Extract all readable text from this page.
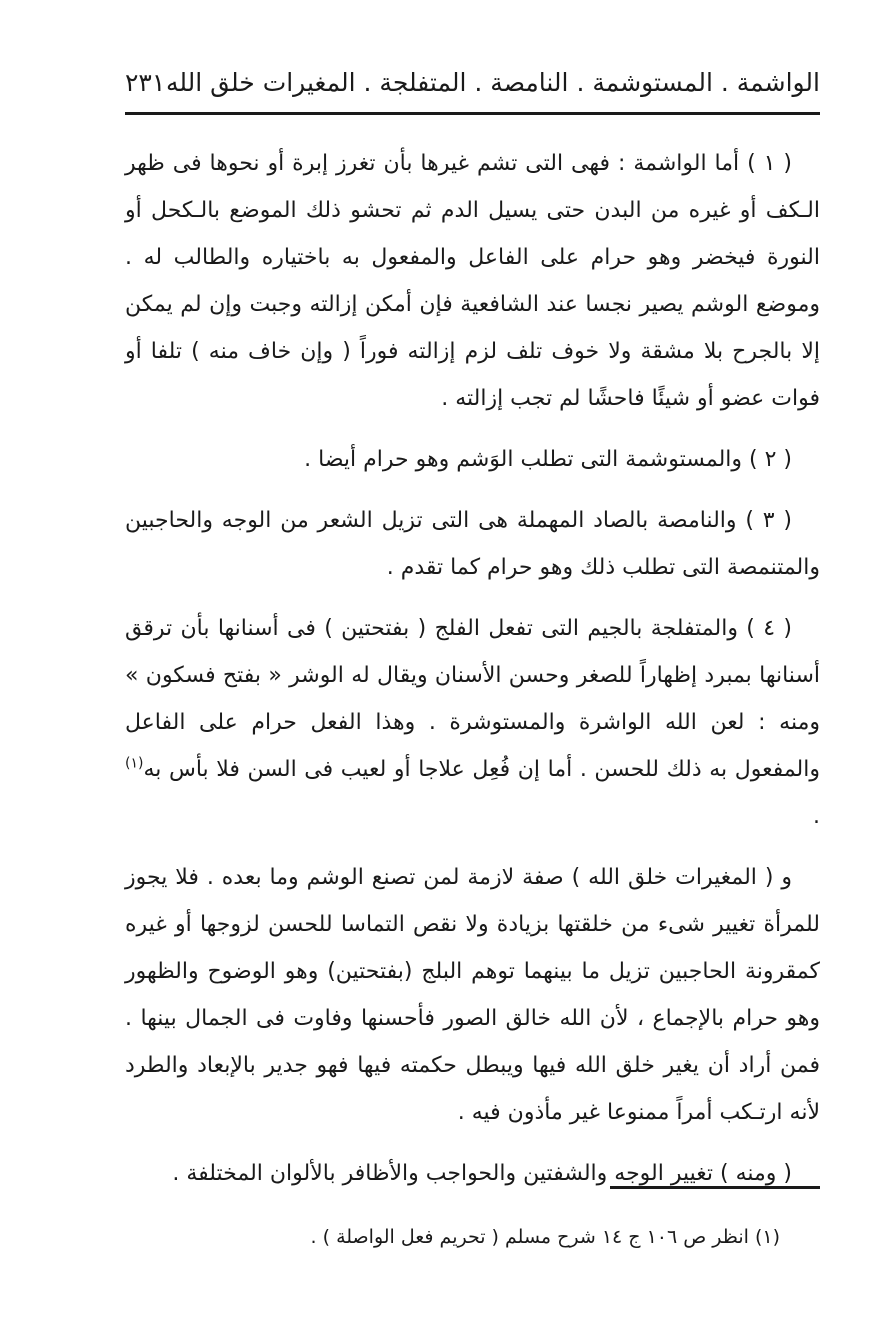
الواشمة . المستوشمة . النامصة . المتفلجة . المغيرات خلق الله
٢٣١

( ١ ) أما الواشمة : فهى التى تشم غيرها بأن تغرز إبرة أو نحوها فى ظهر الـكف أو غيره من البدن حتى يسيل الدم ثم تحشو ذلك الموضع بالـكحل أو النورة فيخضر وهو حرام على الفاعل والمفعول به باختياره والطالب له . وموضع الوشم يصير نجسا عند الشافعية فإن أمكن إزالته وجبت وإن لم يمكن إلا بالجرح بلا مشقة ولا خوف تلف لزم إزالته فوراً ( وإن خاف منه ) تلفا أو فوات عضو أو شيئًا فاحشًا لم تجب إزالته .

( ٢ ) والمستوشمة التى تطلب الوَشم وهو حرام أيضا .

( ٣ ) والنامصة بالصاد المهملة هى التى تزيل الشعر من الوجه والحاجبين والمتنمصة التى تطلب ذلك وهو حرام كما تقدم .

( ٤ ) والمتفلجة بالجيم التى تفعل الفلج ( بفتحتين ) فى أسنانها بأن ترقق أسنانها بمبرد إظهاراً للصغر وحسن الأسنان ويقال له الوشر « بفتح فسكون » ومنه : لعن الله الواشرة والمستوشرة . وهذا الفعل حرام على الفاعل والمفعول به ذلك للحسن . أما إن فُعِل علاجا أو لعيب فى السن فلا بأس به$^{(١)}$ .

و ( المغيرات خلق الله ) صفة لازمة لمن تصنع الوشم وما بعده . فلا يجوز للمرأة تغيير شىء من خلقتها بزيادة ولا نقص التماسا للحسن لزوجها أو غيره كمقرونة الحاجبين تزيل ما بينهما توهم البلج (بفتحتين) وهو الوضوح والظهور وهو حرام بالإجماع ، لأن الله خالق الصور فأحسنها وفاوت فى الجمال بينها . فمن أراد أن يغير خلق الله فيها ويبطل حكمته فيها فهو جدير بالإبعاد والطرد لأنه ارتـكب أمراً ممنوعا غير مأذون فيه .

( ومنه ) تغيير الوجه والشفتين والحواجب والأظافر بالألوان المختلفة .

(١) انظر ص ١٠٦ ج ١٤ شرح مسلم ( تحريم فعل الواصلة ) .
